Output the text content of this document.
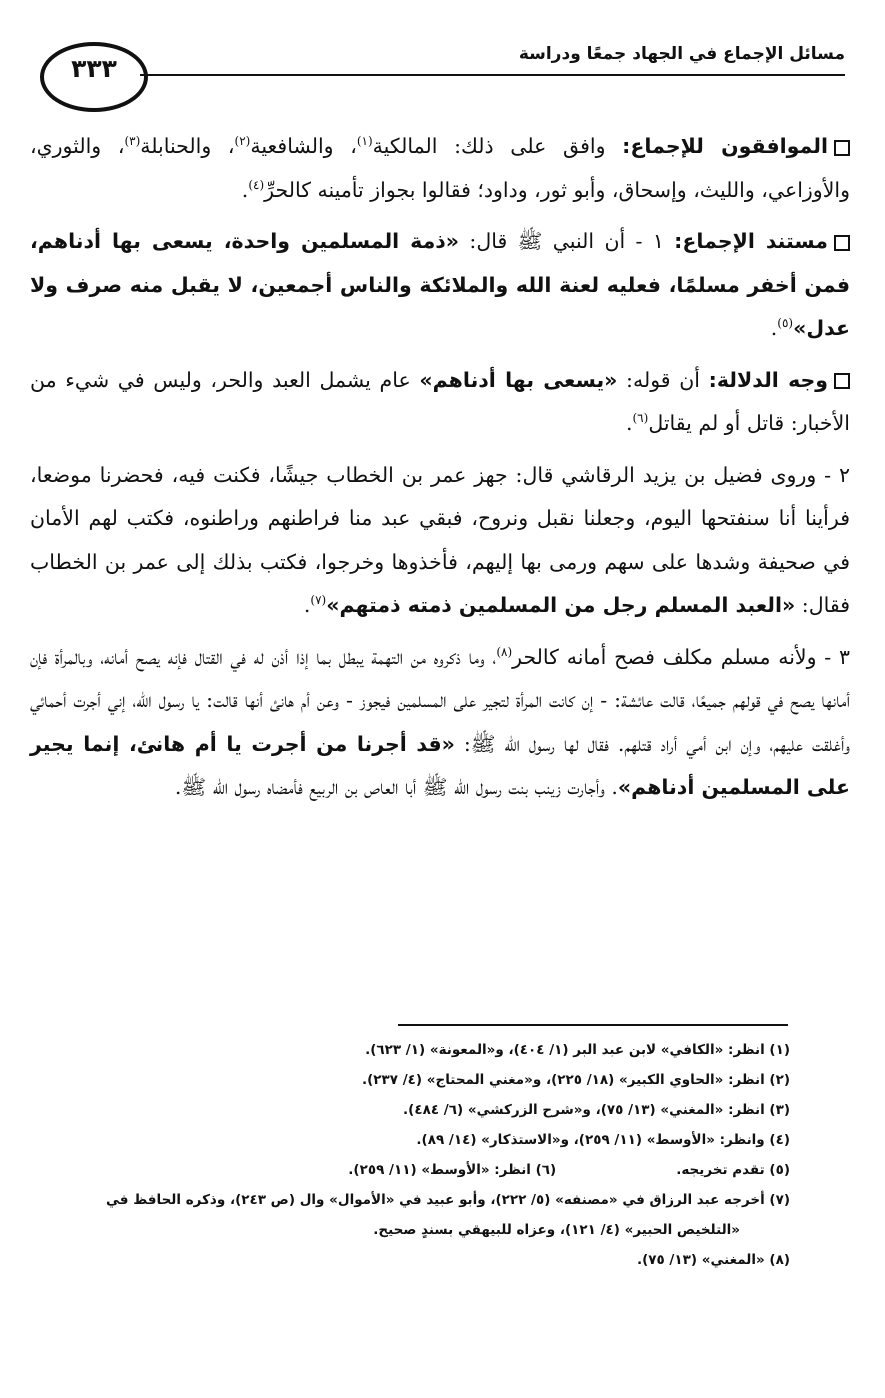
٣٣٣	مسائل الإجماع في الجهاد جمعًا ودراسة

الموافقون للإجماع: وافق على ذلك: المالكية$^{(١)}$، والشافعية$^{(٢)}$، والحنابلة$^{(٣)}$، والثوري، والأوزاعي، والليث، وإسحاق، وأبو ثور، وداود؛ فقالوا بجواز تأمينه كالحرِّ$^{(٤)}$.

مستند الإجماع: ١ - أن النبي ﷺ قال: «ذمة المسلمين واحدة، يسعى بها أدناهم، فمن أخفر مسلمًا، فعليه لعنة الله والملائكة والناس أجمعين، لا يقبل منه صرف ولا عدل»$^{(٥)}$.

وجه الدلالة: أن قوله: «يسعى بها أدناهم» عام يشمل العبد والحر، وليس في شيء من الأخبار: قاتل أو لم يقاتل$^{(٦)}$.

٢ - وروى فضيل بن يزيد الرقاشي قال: جهز عمر بن الخطاب جيشًا، فكنت فيه، فحضرنا موضعا، فرأينا أنا سنفتحها اليوم، وجعلنا نقبل ونروح، فبقي عبد منا فراطنهم وراطنوه، فكتب لهم الأمان في صحيفة وشدها على سهم ورمى بها إليهم، فأخذوها وخرجوا، فكتب بذلك إلى عمر بن الخطاب فقال: «العبد المسلم رجل من المسلمين ذمته ذمتهم»$^{(٧)}$.

٣ - ولأنه مسلم مكلف فصح أمانه كالحر$^{(٨)}$، وما ذكروه من التهمة يبطل بما إذا أذن له في القتال فإنه يصح أمانه، وبالمرأة فإن أمانها يصح في قولهم جميعًا، قالت عائشة: - إن كانت المرأة لتجير على المسلمين فيجوز - وعن أم هانئ أنها قالت: يا رسول الله، إني أجرت أحمائي وأغلقت عليهم، وإن ابن أمي أراد قتلهم. فقال لها رسول الله ﷺ: «قد أجرنا من أجرت يا أم هانئ، إنما يجير على المسلمين أدناهم». وأجارت زينب بنت رسول الله ﷺ أبا العاص بن الربيع فأمضاه رسول الله ﷺ.

(١) انظر: «الكافي» لابن عبد البر (١/ ٤٠٤)، و«المعونة» (١/ ٦٢٣).

(٢) انظر: «الحاوي الكبير» (١٨/ ٢٢٥)، و«مغني المحتاج» (٤/ ٢٣٧).

(٣) انظر: «المغني» (١٣/ ٧٥)، و«شرح الزركشي» (٦/ ٤٨٤).

(٤) وانظر: «الأوسط» (١١/ ٢٥٩)، و«الاستذكار» (١٤/ ٨٩).

(٥) تقدم تخريجه.
(٦) انظر: «الأوسط» (١١/ ٢٥٩).

(٧) أخرجه عبد الرزاق في «مصنفه» (٥/ ٢٢٢)، وأبو عبيد في «الأموال» وال (ص ٢٤٣)، وذكره الحافظ في

«التلخيص الحبير» (٤/ ١٢١)، وعزاه للبيهقي بسندٍ صحيح.

(٨) «المغني» (١٣/ ٧٥).
